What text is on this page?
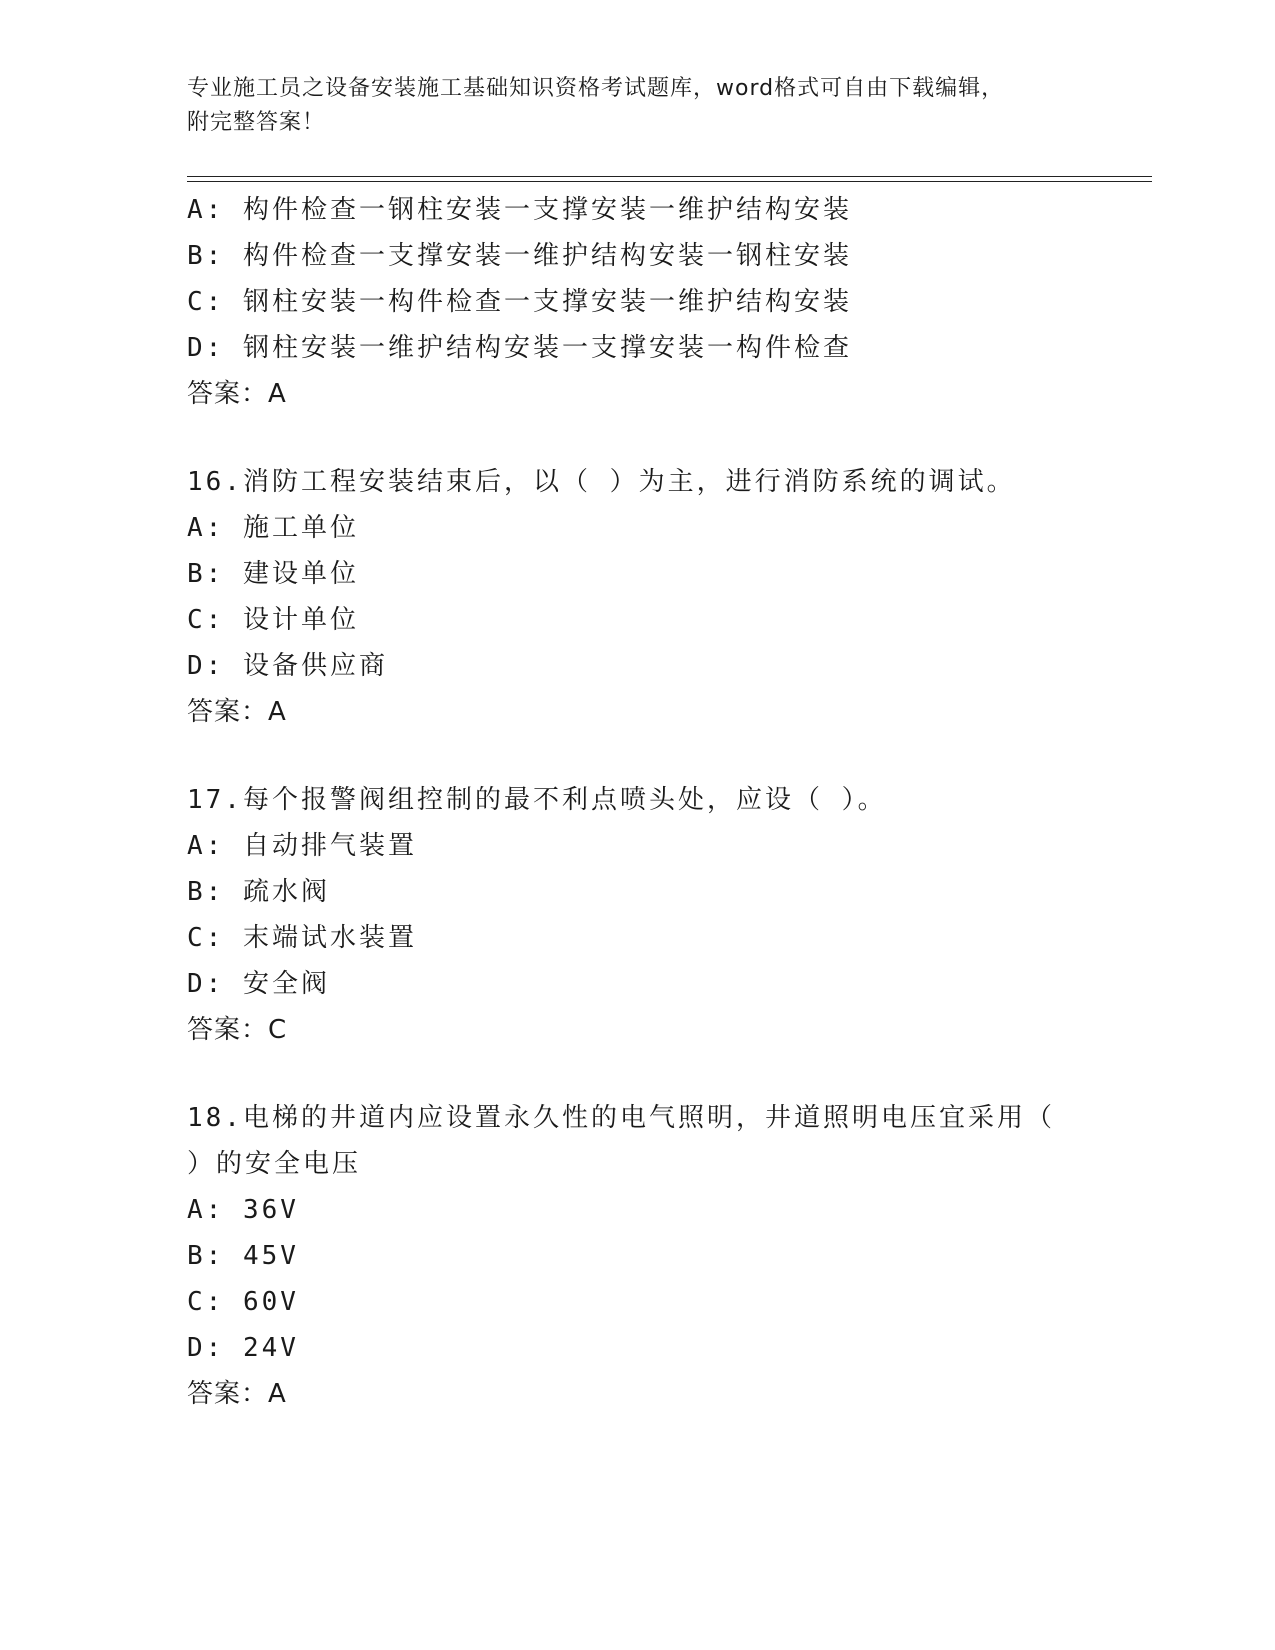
专业施工员之设备安装施工基础知识资格考试题库，word格式可自由下载编辑，
附完整答案！
A: 构件检查一钢柱安装一支撑安装一维护结构安装
B: 构件检查一支撑安装一维护结构安装一钢柱安装
C: 钢柱安装一构件检查一支撑安装一维护结构安装
D: 钢柱安装一维护结构安装一支撑安装一构件检查
答案：A
16.消防工程安装结束后，以（ ）为主，进行消防系统的调试。
A: 施工单位
B: 建设单位
C: 设计单位
D: 设备供应商
答案：A
17.每个报警阀组控制的最不利点喷头处，应设（ ）。
A: 自动排气装置
B: 疏水阀
C: 末端试水装置
D: 安全阀
答案：C
18.电梯的井道内应设置永久性的电气照明，井道照明电压宜采用（
）的安全电压
A: 36V
B: 45V
C: 60V
D: 24V
答案：A
